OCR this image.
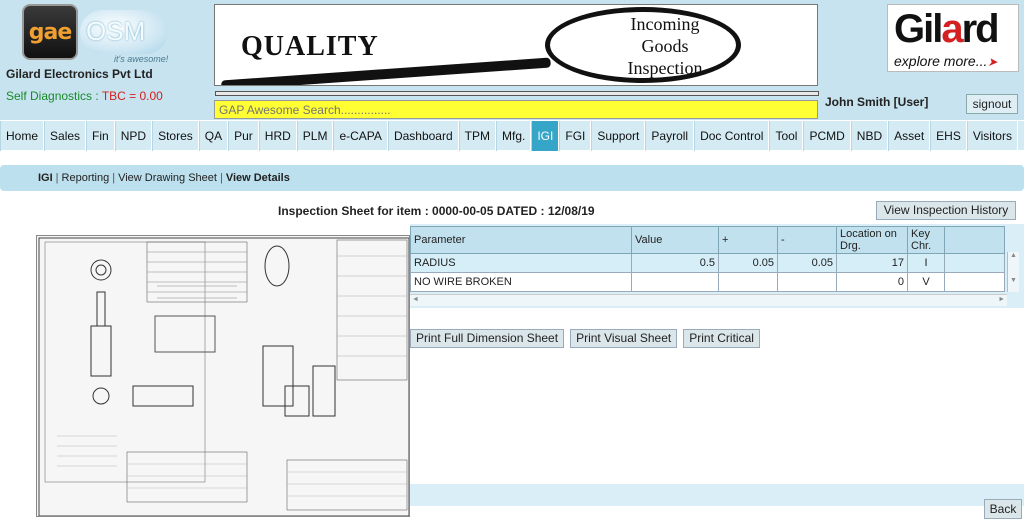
gae OSM
it's awesome!
Gilard Electronics Pvt Ltd
Self Diagnostics : TBC = 0.00
QUALITY
Incoming
Goods
Inspection
Gilard
explore more...➤
GAP Awesome Search...............
John Smith [User]	signout
Home	Sales	Fin	NPD	Stores	QA	Pur	HRD	PLM	e-CAPA	Dashboard	TPM	Mfg.	IGI	FGI	Support	Payroll	Doc Control	Tool	PCMD	NBD	Asset	EHS	Visitors
IGI | Reporting | View Drawing Sheet | View Details
Inspection Sheet for item : 0000-00-05 DATED : 12/08/19	View Inspection History
Parameter	Value	+	-	Location on Drg.	Key Chr.	
RADIUS	0.5	0.05	0.05	17	I	
NO WIRE BROKEN				0	V	
▲
▼
◄	►
Print Full Dimension Sheet	Print Visual Sheet	Print Critical
Back
